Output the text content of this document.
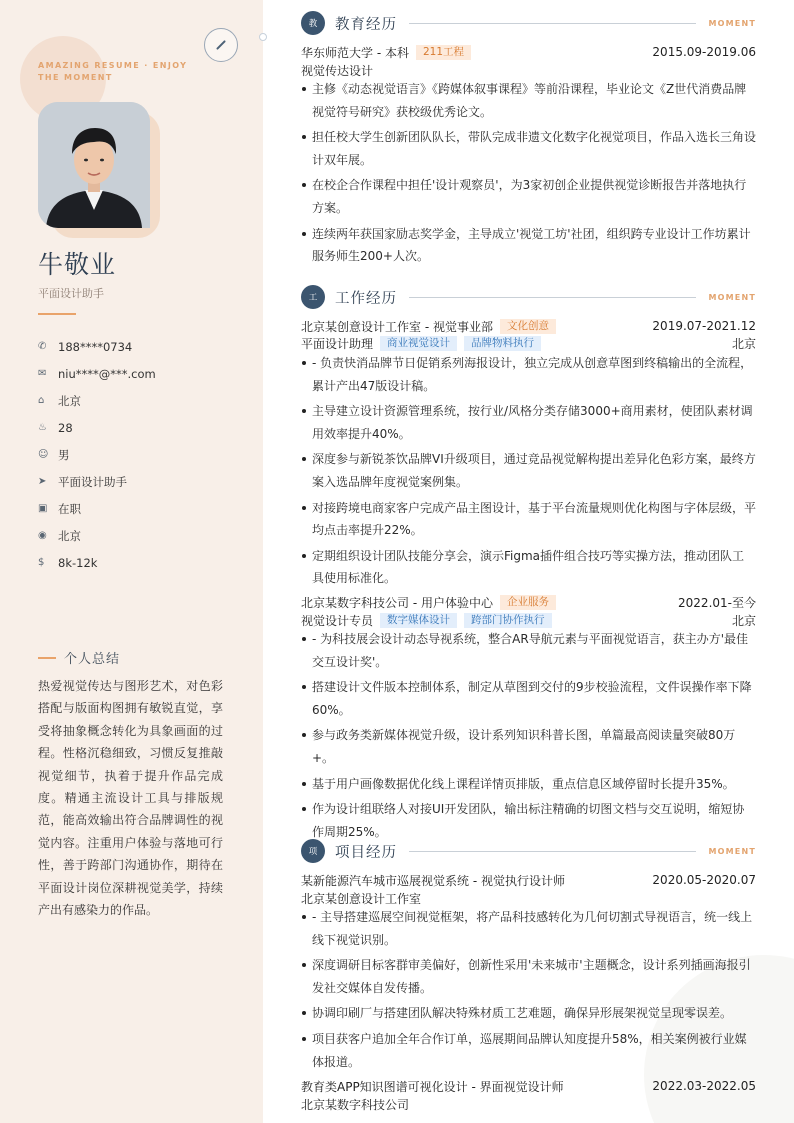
AMAZING RESUME · ENJOY THE MOMENT
牛敬业
平面设计助手
✆	188****0734
✉	niu****@***.com
⌂	北京
♨ 28
☺ 男
➤	平面设计助手
▣ 在职
◉ 北京
$	8k-12k
个人总结

热爱视觉传达与图形艺术，对色彩搭配与版面构图拥有敏锐直觉，享受将抽象概念转化为具象画面的过程。性格沉稳细致，习惯反复推敲视觉细节，执着于提升作品完成度。精通主流设计工具与排版规范，能高效输出符合品牌调性的视觉内容。注重用户体验与落地可行性，善于跨部门沟通协作，期待在平面设计岗位深耕视觉美学，持续产出有感染力的作品。

教	教育经历	MOMENT
华东师范大学 - 本科	211工程	2015.09-2019.06
视觉传达设计
主修《动态视觉语言》《跨媒体叙事课程》等前沿课程，毕业论文《Z世代消费品牌视觉符号研究》获校级优秀论文。
担任校大学生创新团队队长，带队完成非遗文化数字化视觉项目，作品入选长三角设计双年展。
在校企合作课程中担任'设计观察员'，为3家初创企业提供视觉诊断报告并落地执行方案。
连续两年获国家励志奖学金，主导成立'视觉工坊'社团，组织跨专业设计工作坊累计服务师生200+人次。
工	工作经历	MOMENT
北京某创意设计工作室 - 视觉事业部	文化创意	2019.07-2021.12
平面设计助理	商业视觉设计	品牌物料执行	北京
- 负责快消品牌节日促销系列海报设计，独立完成从创意草图到终稿输出的全流程，累计产出47版设计稿。
主导建立设计资源管理系统，按行业/风格分类存储3000+商用素材，使团队素材调用效率提升40%。
深度参与新锐茶饮品牌VI升级项目，通过竞品视觉解构提出差异化色彩方案，最终方案入选品牌年度视觉案例集。
对接跨境电商家客户完成产品主图设计，基于平台流量规则优化构图与字体层级，平均点击率提升22%。
定期组织设计团队技能分享会，演示Figma插件组合技巧等实操方法，推动团队工具使用标准化。
北京某数字科技公司 - 用户体验中心	企业服务	2022.01-至今
视觉设计专员	数字媒体设计	跨部门协作执行	北京
- 为科技展会设计动态导视系统，整合AR导航元素与平面视觉语言，获主办方'最佳交互设计奖'。
搭建设计文件版本控制体系，制定从草图到交付的9步校验流程，文件误操作率下降60%。
参与政务类新媒体视觉升级，设计系列知识科普长图，单篇最高阅读量突破80万+。
基于用户画像数据优化线上课程详情页排版，重点信息区域停留时长提升35%。
作为设计组联络人对接UI开发团队，输出标注精确的切图文档与交互说明，缩短协作周期25%。
项	项目经历	MOMENT
某新能源汽车城市巡展视觉系统 - 视觉执行设计师	2020.05-2020.07
北京某创意设计工作室
- 主导搭建巡展空间视觉框架，将产品科技感转化为几何切割式导视语言，统一线上线下视觉识别。
深度调研目标客群审美偏好，创新性采用'未来城市'主题概念，设计系列插画海报引发社交媒体自发传播。
协调印刷厂与搭建团队解决特殊材质工艺难题，确保异形展架视觉呈现零误差。
项目获客户追加全年合作订单，巡展期间品牌认知度提升58%，相关案例被行业媒体报道。
教育类APP知识图谱可视化设计 - 界面视觉设计师	2022.03-2022.05
北京某数字科技公司
